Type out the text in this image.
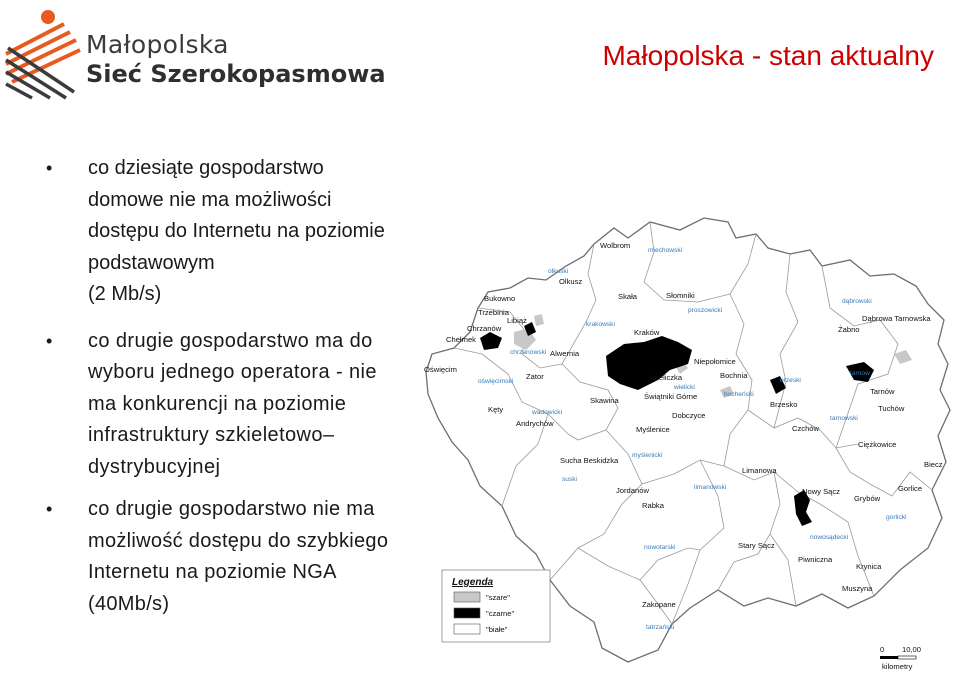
Małopolska
Sieć Szerokopasmowa
Małopolska - stan aktualny
• co dziesiąte gospodarstwo
domowe nie ma możliwości
dostępu do Internetu na poziomie
podstawowym
(2 Mb/s)
• co drugie gospodarstwo ma do
wyboru jednego operatora - nie
ma konkurencji na poziomie
infrastruktury szkieletowo–
dystrybucyjnej
• co drugie gospodarstwo nie ma
możliwość dostępu do szybkiego
Internetu na poziomie NGA
(40Mb/s)
Wolbrom
Olkusz
Skała	Słomniki
Bukowno
Trzebinia
Chrzanów
Libiąż
Chełmek
Alwernia
Oświęcim
Zator
Kraków
Niepołomice
Wieliczka	Bochnia
Skawina	Świątniki Górne
Brzesko
Kęty
Andrychów
Dobczyce
Myślenice	Czchów
Sucha Beskidzka
Limanowa
Jordanów
Rabka
Nowy Sącz	Gorlice
Grybów
Stary Sącz
Piwniczna
Krynica
Muszyna
Zakopane
Dąbrowa Tarnowska
Żabno
Tarnów
Tuchów
Ciężkowice
Biecz
miechowski
olkuski
proszowicki
krakowski
dąbrowski
chrzanowski
oświęcimski
wadowicki
wielicki
bocheński
brzeski
tarnowski
myślenicki
suski
limanowski
nowosądecki
gorlicki
nowotarski
tatrzański
tarnow
Legenda
"szare"
"czarne"
"białe"
0 10,00
kilometry
